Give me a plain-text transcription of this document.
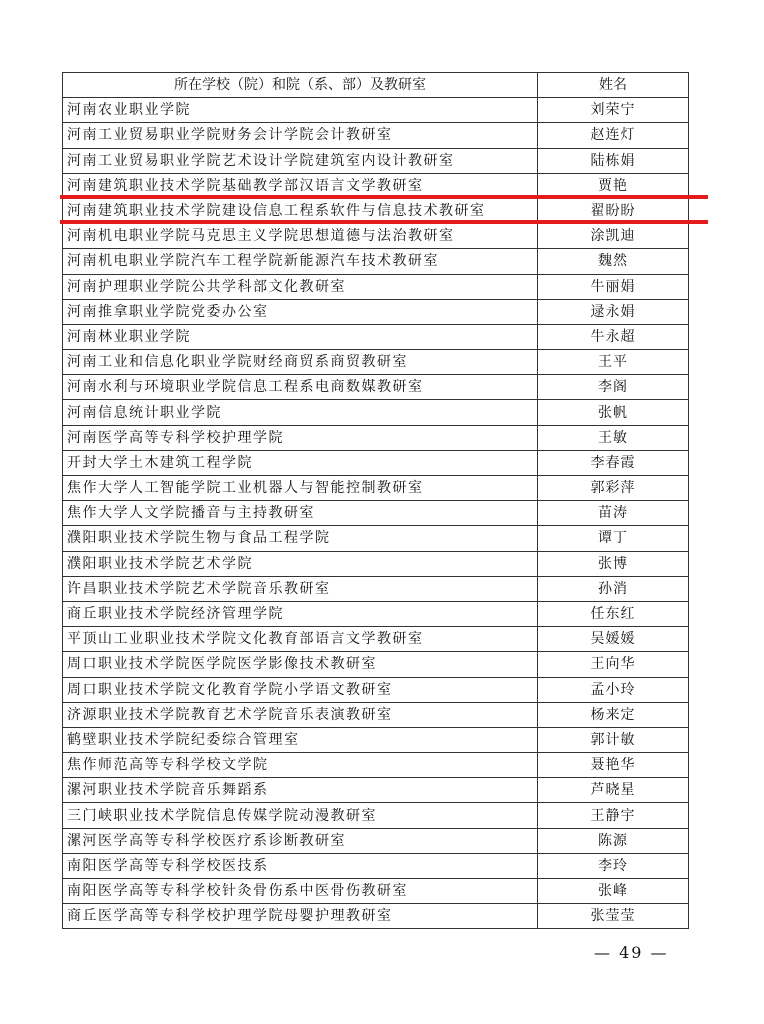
所在学校（院）和院（系、部）及教研室	姓名
河南农业职业学院	刘荣宁
河南工业贸易职业学院财务会计学院会计教研室	赵连灯
河南工业贸易职业学院艺术设计学院建筑室内设计教研室	陆栋娟
河南建筑职业技术学院基础教学部汉语言文学教研室	贾艳
河南建筑职业技术学院建设信息工程系软件与信息技术教研室	翟盼盼
河南机电职业学院马克思主义学院思想道德与法治教研室	涂凯迪
河南机电职业学院汽车工程学院新能源汽车技术教研室	魏然
河南护理职业学院公共学科部文化教研室	牛丽娟
河南推拿职业学院党委办公室	逯永娟
河南林业职业学院	牛永超
河南工业和信息化职业学院财经商贸系商贸教研室	王平
河南水利与环境职业学院信息工程系电商数媒教研室	李阁
河南信息统计职业学院	张帆
河南医学高等专科学校护理学院	王敏
开封大学土木建筑工程学院	李春霞
焦作大学人工智能学院工业机器人与智能控制教研室	郭彩萍
焦作大学人文学院播音与主持教研室	苗涛
濮阳职业技术学院生物与食品工程学院	谭丁
濮阳职业技术学院艺术学院	张博
许昌职业技术学院艺术学院音乐教研室	孙消
商丘职业技术学院经济管理学院	任东红
平顶山工业职业技术学院文化教育部语言文学教研室	吴媛媛
周口职业技术学院医学院医学影像技术教研室	王向华
周口职业技术学院文化教育学院小学语文教研室	孟小玲
济源职业技术学院教育艺术学院音乐表演教研室	杨来定
鹤壁职业技术学院纪委综合管理室	郭计敏
焦作师范高等专科学校文学院	聂艳华
漯河职业技术学院音乐舞蹈系	芦晓星
三门峡职业技术学院信息传媒学院动漫教研室	王静宇
漯河医学高等专科学校医疗系诊断教研室	陈源
南阳医学高等专科学校医技系	李玲
南阳医学高等专科学校针灸骨伤系中医骨伤教研室	张峰
商丘医学高等专科学校护理学院母婴护理教研室	张莹莹
— 49 —
